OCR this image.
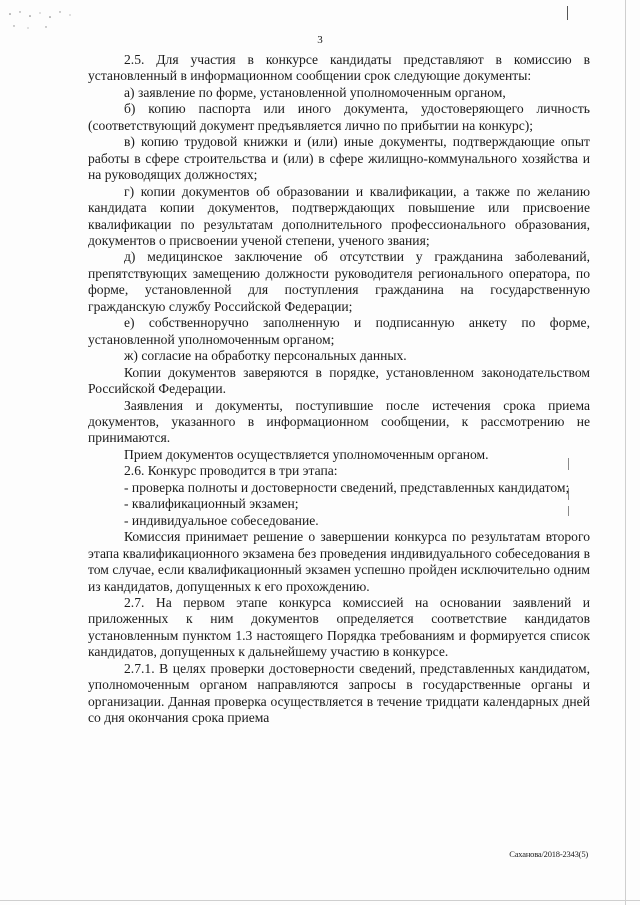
3

2.5. Для участия в конкурсе кандидаты представляют в комиссию в установленный в информационном сообщении срок следующие документы:

а) заявление по форме, установленной уполномоченным органом,

б) копию паспорта или иного документа, удостоверяющего личность (соответствующий документ предъявляется лично по прибытии на конкурс);

в) копию трудовой книжки и (или) иные документы, подтверждающие опыт работы в сфере строительства и (или) в сфере жилищно-коммунального хозяйства и на руководящих должностях;

г) копии документов об образовании и квалификации, а также по желанию кандидата копии документов, подтверждающих повышение или присвоение квалификации по результатам дополнительного профессионального образования, документов о присвоении ученой степени, ученого звания;

д) медицинское заключение об отсутствии у гражданина заболеваний, препятствующих замещению должности руководителя регионального оператора, по форме, установленной для поступления гражданина на государственную гражданскую службу Российской Федерации;

е) собственноручно заполненную и подписанную анкету по форме, установленной уполномоченным органом;

ж) согласие на обработку персональных данных.

Копии документов заверяются в порядке, установленном законодательством Российской Федерации.

Заявления и документы, поступившие после истечения срока приема документов, указанного в информационном сообщении, к рассмотрению не принимаются.

Прием документов осуществляется уполномоченным органом.

2.6. Конкурс проводится в три этапа:

- проверка полноты и достоверности сведений, представленных кандидатом;

- квалификационный экзамен;

- индивидуальное собеседование.

Комиссия принимает решение о завершении конкурса по результатам второго этапа квалификационного экзамена без проведения индивидуального собеседования в том случае, если квалификационный экзамен успешно пройден исключительно одним из кандидатов, допущенных к его прохождению.

2.7. На первом этапе конкурса комиссией на основании заявлений и приложенных к ним документов определяется соответствие кандидатов установленным пунктом 1.3 настоящего Порядка требованиям и формируется список кандидатов, допущенных к дальнейшему участию в конкурсе.

2.7.1. В целях проверки достоверности сведений, представленных кандидатом, уполномоченным органом направляются запросы в государственные органы и организации. Данная проверка осуществляется в течение тридцати календарных дней со дня окончания срока приема

Саханова/2018-2343(5)
